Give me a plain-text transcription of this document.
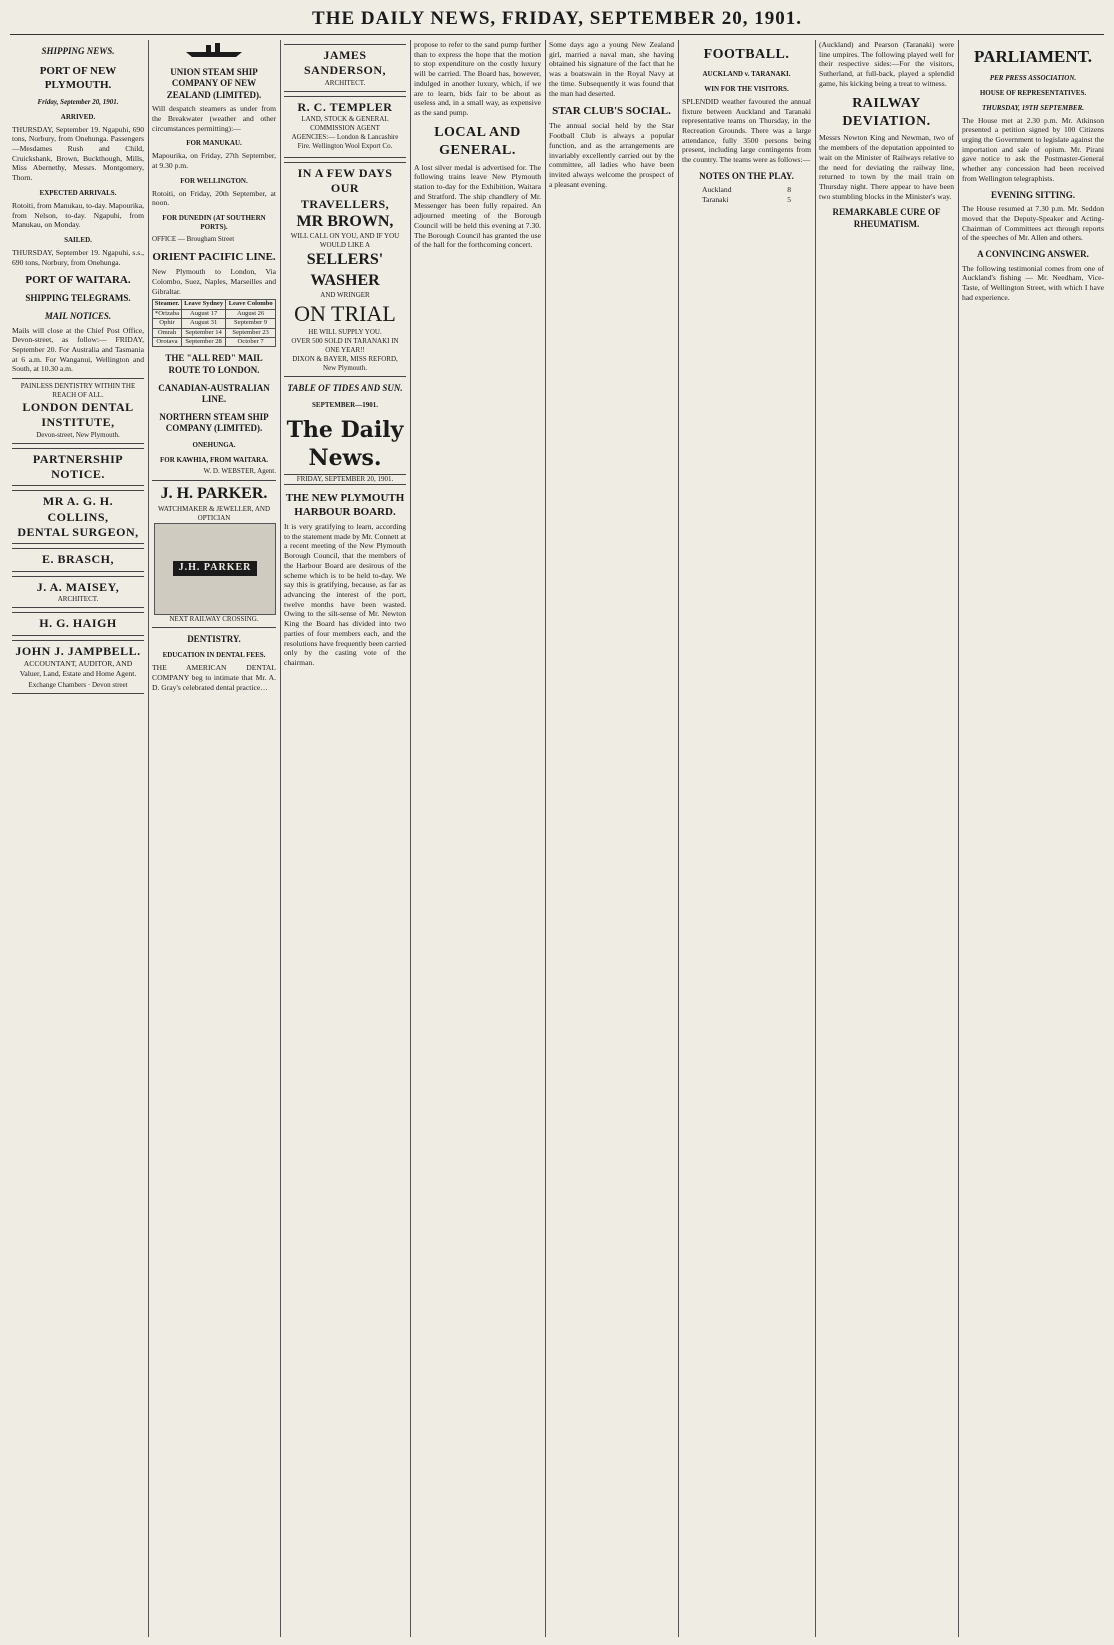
THE DAILY NEWS, FRIDAY, SEPTEMBER 20, 1901.
SHIPPING NEWS.
PORT OF NEW PLYMOUTH.
Friday, September 20, 1901.
ARRIVED.

THURSDAY, September 19. Ngapuhi, 690 tons, Norbury, from Onehunga. Passengers—Mesdames Rush and Child, Cruickshank, Brown, Buckthough, Mills, Miss Abernethy, Messrs. Montgomery, Thorn.

EXPECTED ARRIVALS.

Rotoiti, from Manukau, to-day. Mapourika, from Nelson, to-day. Ngapuhi, from Manukau, on Monday.

SAILED.

THURSDAY, September 19. Ngapuhi, s.s., 690 tons, Norbury, from Onehunga.

PORT OF WAITARA.
SHIPPING TELEGRAMS.
MAIL NOTICES.

Mails will close at the Chief Post Office, Devon-street, as follow:— FRIDAY, September 20. For Australia and Tasmania at 6 a.m. For Wanganui, Wellington and South, at 10.30 a.m.

PAINLESS DENTISTRY WITHIN THE REACH OF ALL.
LONDON DENTAL INSTITUTE,
Devon-street, New Plymouth.
PARTNERSHIP NOTICE.
MR A. G. H. COLLINS,
DENTAL SURGEON,
E. BRASCH,
J. A. MAISEY,
ARCHITECT.
H. G. HAIGH
JOHN J. JAMPBELL.

ACCOUNTANT, AUDITOR, AND Valuer, Land, Estate and Home Agent.

Exchange Chambers · Devon street
UNION STEAM SHIP COMPANY OF NEW ZEALAND (LIMITED).

Will despatch steamers as under from the Breakwater (weather and other circumstances permitting):—

FOR MANUKAU.

Mapourika, on Friday, 27th September, at 9.30 p.m.

FOR WELLINGTON.

Rotoiti, on Friday, 20th September, at noon.

FOR DUNEDIN (AT SOUTHERN PORTS).

OFFICE — Brougham Street

ORIENT PACIFIC LINE.

New Plymouth to London, Via Colombo, Suez, Naples, Marseilles and Gibraltar.

Steamer.	Leave Sydney	Leave Colombo
*Orizaba	August 17	August 26
Ophir	August 31	September 9
Omrah	September 14	September 23
Orotava	September 28	October 7
THE "ALL RED" MAIL ROUTE TO LONDON.
CANADIAN-AUSTRALIAN LINE.
NORTHERN STEAM SHIP COMPANY (LIMITED).
ONEHUNGA.
FOR KAWHIA, FROM WAITARA.

W. D. WEBSTER, Agent.

J. H. PARKER.
WATCHMAKER & JEWELLER, AND OPTICIAN
J.H. PARKER
NEXT RAILWAY CROSSING.
DENTISTRY.
EDUCATION IN DENTAL FEES.

THE AMERICAN DENTAL COMPANY beg to intimate that Mr. A. D. Gray's celebrated dental practice…

JAMES SANDERSON,
ARCHITECT.
R. C. TEMPLER
LAND, STOCK & GENERAL COMMISSION AGENT

AGENCIES:— London & Lancashire Fire. Wellington Wool Export Co.

IN A FEW DAYS OUR TRAVELLERS,
MR BROWN,
WILL CALL ON YOU, AND IF YOU WOULD LIKE A
SELLERS' WASHER
AND WRINGER
ON TRIAL
HE WILL SUPPLY YOU.
OVER 500 SOLD IN TARANAKI IN ONE YEAR!!
DIXON & BAYER, MISS REFORD, New Plymouth.
TABLE OF TIDES AND SUN.
SEPTEMBER—1901.
The Daily News.
FRIDAY, SEPTEMBER 20, 1901.
THE NEW PLYMOUTH HARBOUR BOARD.

It is very gratifying to learn, according to the statement made by Mr. Connett at a recent meeting of the New Plymouth Borough Council, that the members of the Harbour Board are desirous of the scheme which is to be held to-day. We say this is gratifying, because, as far as advancing the interest of the port, twelve months have been wasted. Owing to the silt-sense of Mr. Newton King the Board has divided into two parties of four members each, and the resolutions have frequently been carried only by the casting vote of the chairman.

propose to refer to the sand pump further than to express the hope that the motion to stop expenditure on the costly luxury will be carried. The Board has, however, indulged in another luxury, which, if we are to learn, bids fair to be about as useless and, in a small way, as expensive as the sand pump.

LOCAL AND GENERAL.

A lost silver medal is advertised for. The following trains leave New Plymouth station to-day for the Exhibition, Waitara and Stratford. The ship chandlery of Mr. Messenger has been fully repaired. An adjourned meeting of the Borough Council will be held this evening at 7.30. The Borough Council has granted the use of the hall for the forthcoming concert.

Some days ago a young New Zealand girl, married a naval man, she having obtained his signature of the fact that he was a boatswain in the Royal Navy at the time. Subsequently it was found that the man had deserted.

STAR CLUB'S SOCIAL.

The annual social held by the Star Football Club is always a popular function, and as the arrangements are invariably excellently carried out by the committee, all ladies who have been invited always welcome the prospect of a pleasant evening.

FOOTBALL.
AUCKLAND v. TARANAKI.
WIN FOR THE VISITORS.

SPLENDID weather favoured the annual fixture between Auckland and Taranaki representative teams on Thursday, in the Recreation Grounds. There was a large attendance, fully 3500 persons being present, including large contingents from the country. The teams were as follows:—

NOTES ON THE PLAY.
Auckland	8
Taranaki	5

(Auckland) and Pearson (Taranaki) were line umpires. The following played well for their respective sides:—For the visitors, Sutherland, at full-back, played a splendid game, his kicking being a treat to witness.

RAILWAY DEVIATION.

Messrs Newton King and Newman, two of the members of the deputation appointed to wait on the Minister of Railways relative to the need for deviating the railway line, returned to town by the mail train on Thursday night. There appear to have been two stumbling blocks in the Minister's way.

REMARKABLE CURE OF RHEUMATISM.
PARLIAMENT.
PER PRESS ASSOCIATION.
HOUSE OF REPRESENTATIVES.
THURSDAY, 19TH SEPTEMBER.

The House met at 2.30 p.m. Mr. Atkinson presented a petition signed by 100 Citizens urging the Government to legislate against the importation and sale of opium. Mr. Pirani gave notice to ask the Postmaster-General whether any concession had been received from Wellington telegraphists.

EVENING SITTING.

The House resumed at 7.30 p.m. Mr. Seddon moved that the Deputy-Speaker and Acting-Chairman of Committees act through reports of the speeches of Mr. Allen and others.

A CONVINCING ANSWER.

The following testimonial comes from one of Auckland's fishing — Mr. Needham, Vice-Taste, of Wellington Street, with which I have had experience.
